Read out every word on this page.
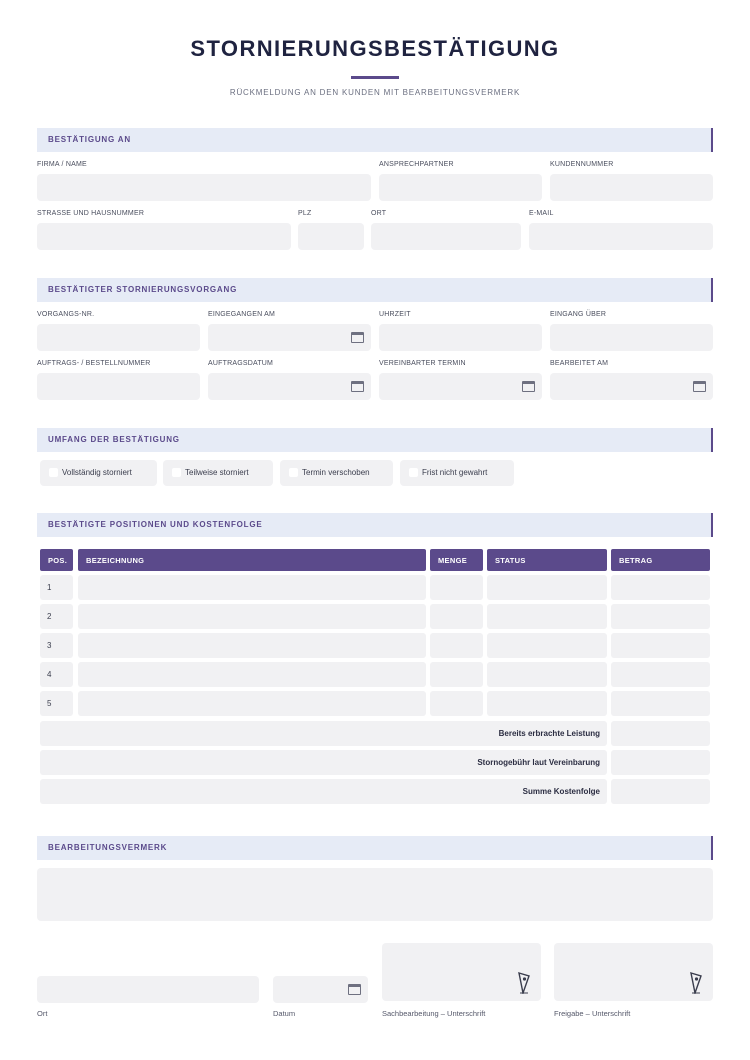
STORNIERUNGSBESTÄTIGUNG
RÜCKMELDUNG AN DEN KUNDEN MIT BEARBEITUNGSVERMERK
BESTÄTIGUNG AN
FIRMA / NAME	ANSPRECHPARTNER	KUNDENNUMMER
STRASSE UND HAUSNUMMER	PLZ	ORT	E-MAIL
BESTÄTIGTER STORNIERUNGSVORGANG
VORGANGS-NR.	EINGEGANGEN AM	UHRZEIT	EINGANG ÜBER
AUFTRAGS- / BESTELLNUMMER	AUFTRAGSDATUM	VEREINBARTER TERMIN	BEARBEITET AM
UMFANG DER BESTÄTIGUNG
Vollständig storniert	Teilweise storniert	Termin verschoben	Frist nicht gewahrt
BESTÄTIGTE POSITIONEN UND KOSTENFOLGE
POS.	BEZEICHNUNG	MENGE	STATUS	BETRAG
1
2
3
4
5
Bereits erbrachte Leistung
Stornogebühr laut Vereinbarung
Summe Kostenfolge
BEARBEITUNGSVERMERK
Ort	Datum	Sachbearbeitung – Unterschrift	Freigabe – Unterschrift
